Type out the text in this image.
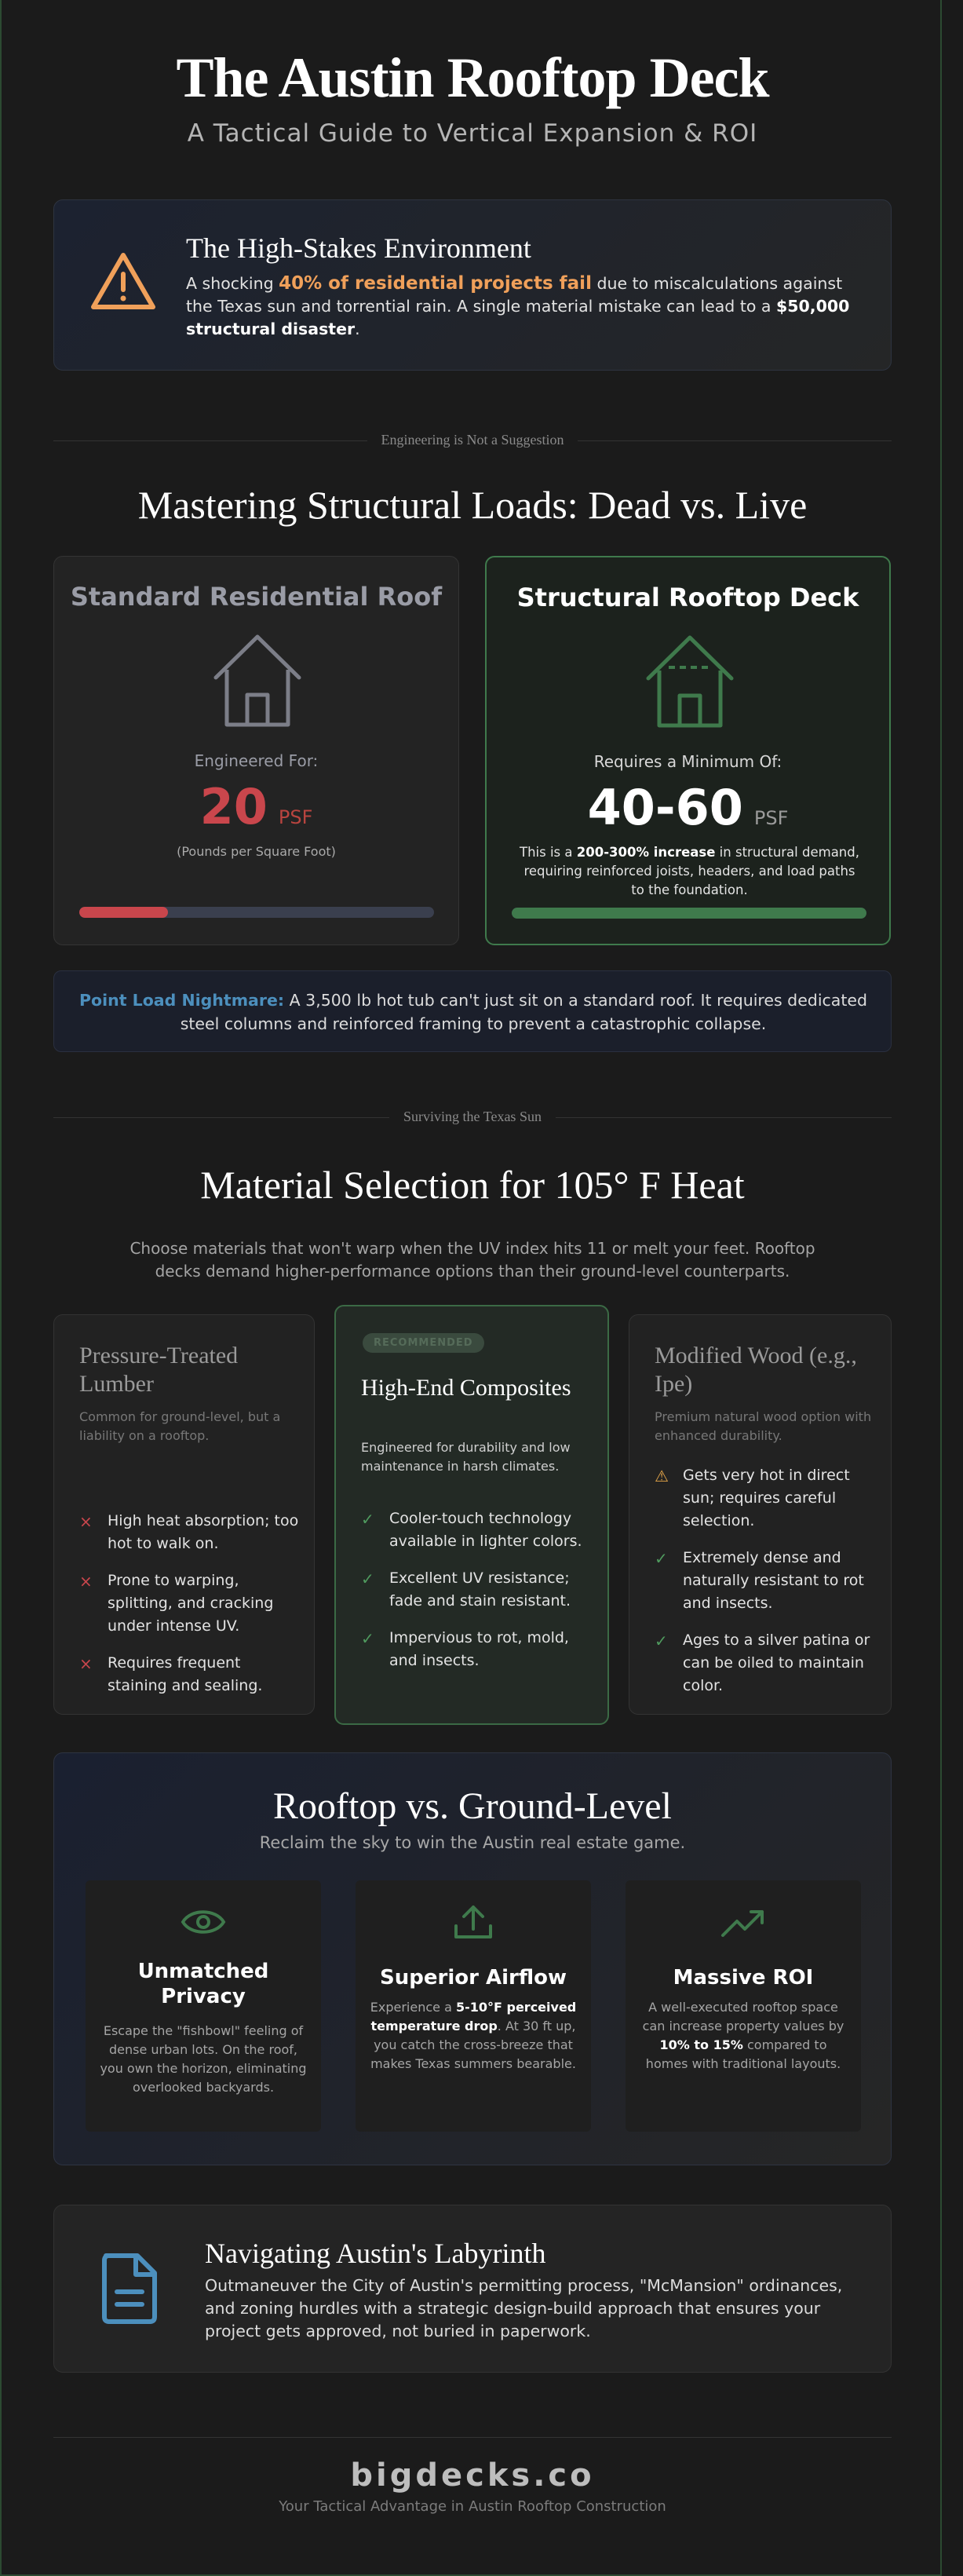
The Austin Rooftop Deck
A Tactical Guide to Vertical Expansion & ROI
The High-Stakes Environment
A shocking 40% of residential projects fail due to miscalculations against the Texas sun and torrential rain. A single material mistake can lead to a $50,000 structural disaster.
Engineering is Not a Suggestion
Mastering Structural Loads: Dead vs. Live
Standard Residential Roof
Engineered For:
20 PSF
(Pounds per Square Foot)
Structural Rooftop Deck
Requires a Minimum Of:
40-60 PSF
This is a 200-300% increase in structural demand, requiring reinforced joists, headers, and load paths to the foundation.
Point Load Nightmare: A 3,500 lb hot tub can't just sit on a standard roof. It requires dedicated steel columns and reinforced framing to prevent a catastrophic collapse.
Surviving the Texas Sun
Material Selection for 105° F Heat
Choose materials that won't warp when the UV index hits 11 or melt your feet. Rooftop decks demand higher-performance options than their ground-level counterparts.
Pressure-Treated Lumber
Common for ground-level, but a liability on a rooftop.
× High heat absorption; too hot to walk on.
× Prone to warping, splitting, and cracking under intense UV.
× Requires frequent staining and sealing.
RECOMMENDED
High-End Composites
Engineered for durability and low maintenance in harsh climates.
✓ Cooler-touch technology available in lighter colors.
✓ Excellent UV resistance; fade and stain resistant.
✓ Impervious to rot, mold, and insects.
Modified Wood (e.g., Ipe)
Premium natural wood option with enhanced durability.
⚠ Gets very hot in direct sun; requires careful selection.
✓ Extremely dense and naturally resistant to rot and insects.
✓ Ages to a silver patina or can be oiled to maintain color.
Rooftop vs. Ground-Level
Reclaim the sky to win the Austin real estate game.
Unmatched Privacy
Escape the "fishbowl" feeling of dense urban lots. On the roof, you own the horizon, eliminating overlooked backyards.
Superior Airflow
Experience a 5-10°F perceived temperature drop. At 30 ft up, you catch the cross-breeze that makes Texas summers bearable.
Massive ROI
A well-executed rooftop space can increase property values by 10% to 15% compared to homes with traditional layouts.
Navigating Austin's Labyrinth
Outmaneuver the City of Austin's permitting process, "McMansion" ordinances, and zoning hurdles with a strategic design-build approach that ensures your project gets approved, not buried in paperwork.
bigdecks.co
Your Tactical Advantage in Austin Rooftop Construction
